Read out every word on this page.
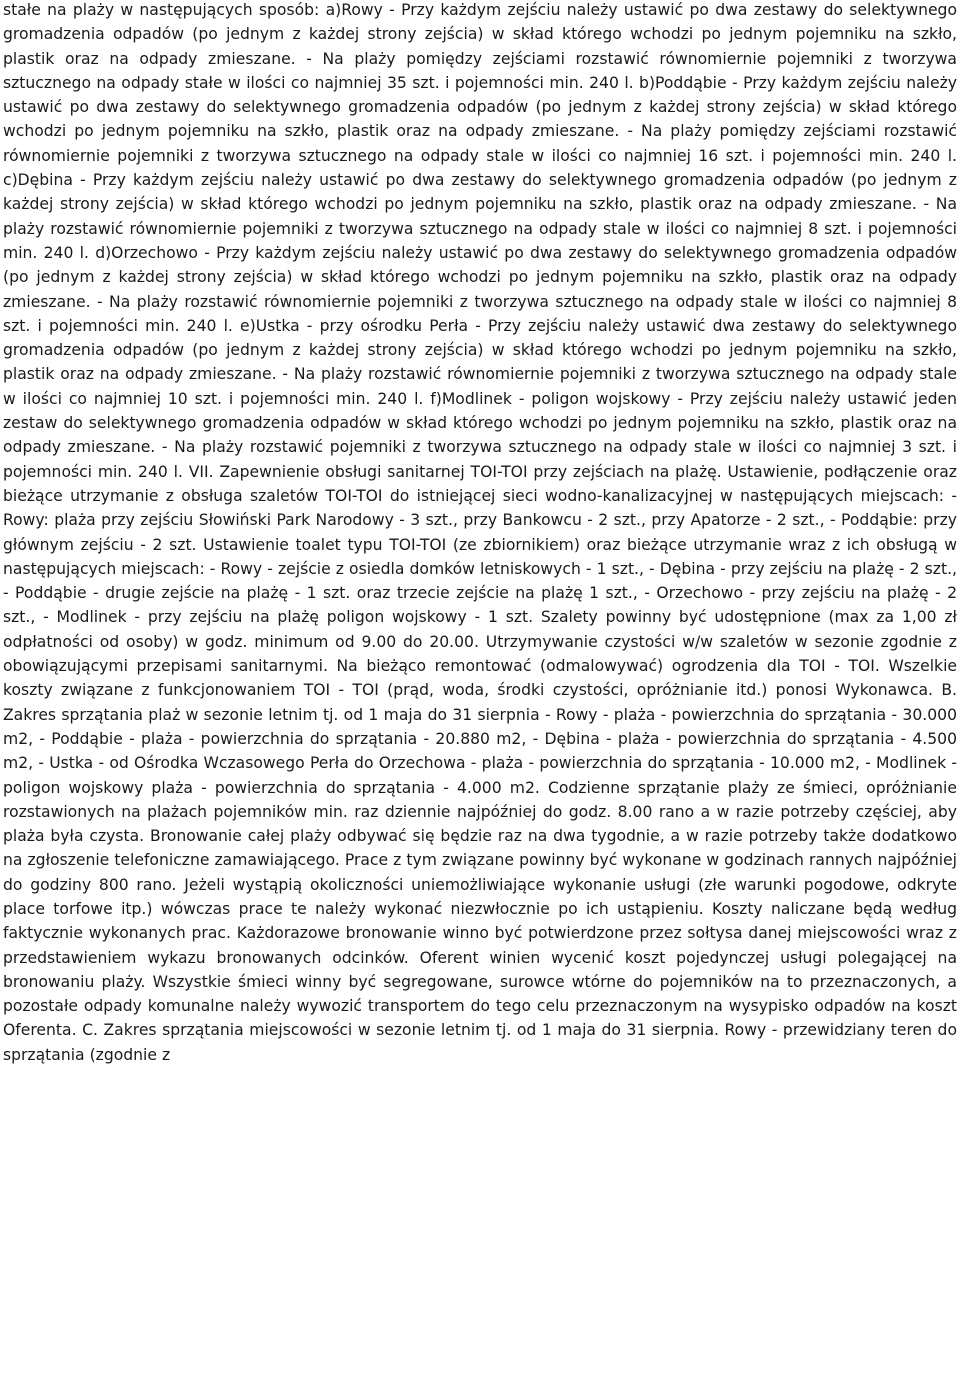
stałe na plaży w następujących sposób: a)Rowy - Przy każdym zejściu należy ustawić po dwa zestawy do selektywnego gromadzenia odpadów (po jednym z każdej strony zejścia) w skład którego wchodzi po jednym pojemniku na szkło, plastik oraz na odpady zmieszane. - Na plaży pomiędzy zejściami rozstawić równomiernie pojemniki z tworzywa sztucznego na odpady stałe w ilości co najmniej 35 szt. i pojemności min. 240 l. b)Poddąbie - Przy każdym zejściu należy ustawić po dwa zestawy do selektywnego gromadzenia odpadów (po jednym z każdej strony zejścia) w skład którego wchodzi po jednym pojemniku na szkło, plastik oraz na odpady zmieszane. - Na plaży pomiędzy zejściami rozstawić równomiernie pojemniki z tworzywa sztucznego na odpady stale w ilości co najmniej 16 szt. i pojemności min. 240 l. c)Dębina - Przy każdym zejściu należy ustawić po dwa zestawy do selektywnego gromadzenia odpadów (po jednym z każdej strony zejścia) w skład którego wchodzi po jednym pojemniku na szkło, plastik oraz na odpady zmieszane. - Na plaży rozstawić równomiernie pojemniki z tworzywa sztucznego na odpady stale w ilości co najmniej 8 szt. i pojemności min. 240 l. d)Orzechowo - Przy każdym zejściu należy ustawić po dwa zestawy do selektywnego gromadzenia odpadów (po jednym z każdej strony zejścia) w skład którego wchodzi po jednym pojemniku na szkło, plastik oraz na odpady zmieszane. - Na plaży rozstawić równomiernie pojemniki z tworzywa sztucznego na odpady stale w ilości co najmniej 8 szt. i pojemności min. 240 l. e)Ustka - przy ośrodku Perła - Przy zejściu należy ustawić dwa zestawy do selektywnego gromadzenia odpadów (po jednym z każdej strony zejścia) w skład którego wchodzi po jednym pojemniku na szkło, plastik oraz na odpady zmieszane. - Na plaży rozstawić równomiernie pojemniki z tworzywa sztucznego na odpady stale w ilości co najmniej 10 szt. i pojemności min. 240 l. f)Modlinek - poligon wojskowy - Przy zejściu należy ustawić jeden zestaw do selektywnego gromadzenia odpadów w skład którego wchodzi po jednym pojemniku na szkło, plastik oraz na odpady zmieszane. - Na plaży rozstawić pojemniki z tworzywa sztucznego na odpady stale w ilości co najmniej 3 szt. i pojemności min. 240 l. VII. Zapewnienie obsługi sanitarnej TOI-TOI przy zejściach na plażę. Ustawienie, podłączenie oraz bieżące utrzymanie z obsługa szaletów TOI-TOI do istniejącej sieci wodno-kanalizacyjnej w następujących miejscach: - Rowy: plaża przy zejściu Słowiński Park Narodowy - 3 szt., przy Bankowcu - 2 szt., przy Apatorze - 2 szt., - Poddąbie: przy głównym zejściu - 2 szt. Ustawienie toalet typu TOI-TOI (ze zbiornikiem) oraz bieżące utrzymanie wraz z ich obsługą w następujących miejscach: - Rowy - zejście z osiedla domków letniskowych - 1 szt., - Dębina - przy zejściu na plażę - 2 szt., - Poddąbie - drugie zejście na plażę - 1 szt. oraz trzecie zejście na plażę 1 szt., - Orzechowo - przy zejściu na plażę - 2 szt., - Modlinek - przy zejściu na plażę poligon wojskowy - 1 szt. Szalety powinny być udostępnione (max za 1,00 zł odpłatności od osoby) w godz. minimum od 9.00 do 20.00. Utrzymywanie czystości w/w szaletów w sezonie zgodnie z obowiązującymi przepisami sanitarnymi. Na bieżąco remontować (odmalowywać) ogrodzenia dla TOI - TOI. Wszelkie koszty związane z funkcjonowaniem TOI - TOI (prąd, woda, środki czystości, opróżnianie itd.) ponosi Wykonawca. B. Zakres sprzątania plaż w sezonie letnim tj. od 1 maja do 31 sierpnia - Rowy - plaża - powierzchnia do sprzątania - 30.000 m2, - Poddąbie - plaża - powierzchnia do sprzątania - 20.880 m2, - Dębina - plaża - powierzchnia do sprzątania - 4.500 m2, - Ustka - od Ośrodka Wczasowego Perła do Orzechowa - plaża - powierzchnia do sprzątania - 10.000 m2, - Modlinek - poligon wojskowy plaża - powierzchnia do sprzątania - 4.000 m2. Codzienne sprzątanie plaży ze śmieci, opróżnianie rozstawionych na plażach pojemników min. raz dziennie najpóźniej do godz. 8.00 rano a w razie potrzeby częściej, aby plaża była czysta. Bronowanie całej plaży odbywać się będzie raz na dwa tygodnie, a w razie potrzeby także dodatkowo na zgłoszenie telefoniczne zamawiającego. Prace z tym związane powinny być wykonane w godzinach rannych najpóźniej do godziny 800 rano. Jeżeli wystąpią okoliczności uniemożliwiające wykonanie usługi (złe warunki pogodowe, odkryte place torfowe itp.) wówczas prace te należy wykonać niezwłocznie po ich ustąpieniu. Koszty naliczane będą według faktycznie wykonanych prac. Każdorazowe bronowanie winno być potwierdzone przez sołtysa danej miejscowości wraz z przedstawieniem wykazu bronowanych odcinków. Oferent winien wycenić koszt pojedynczej usługi polegającej na bronowaniu plaży. Wszystkie śmieci winny być segregowane, surowce wtórne do pojemników na to przeznaczonych, a pozostałe odpady komunalne należy wywozić transportem do tego celu przeznaczonym na wysypisko odpadów na koszt Oferenta. C. Zakres sprzątania miejscowości w sezonie letnim tj. od 1 maja do 31 sierpnia. Rowy - przewidziany teren do sprzątania (zgodnie z
